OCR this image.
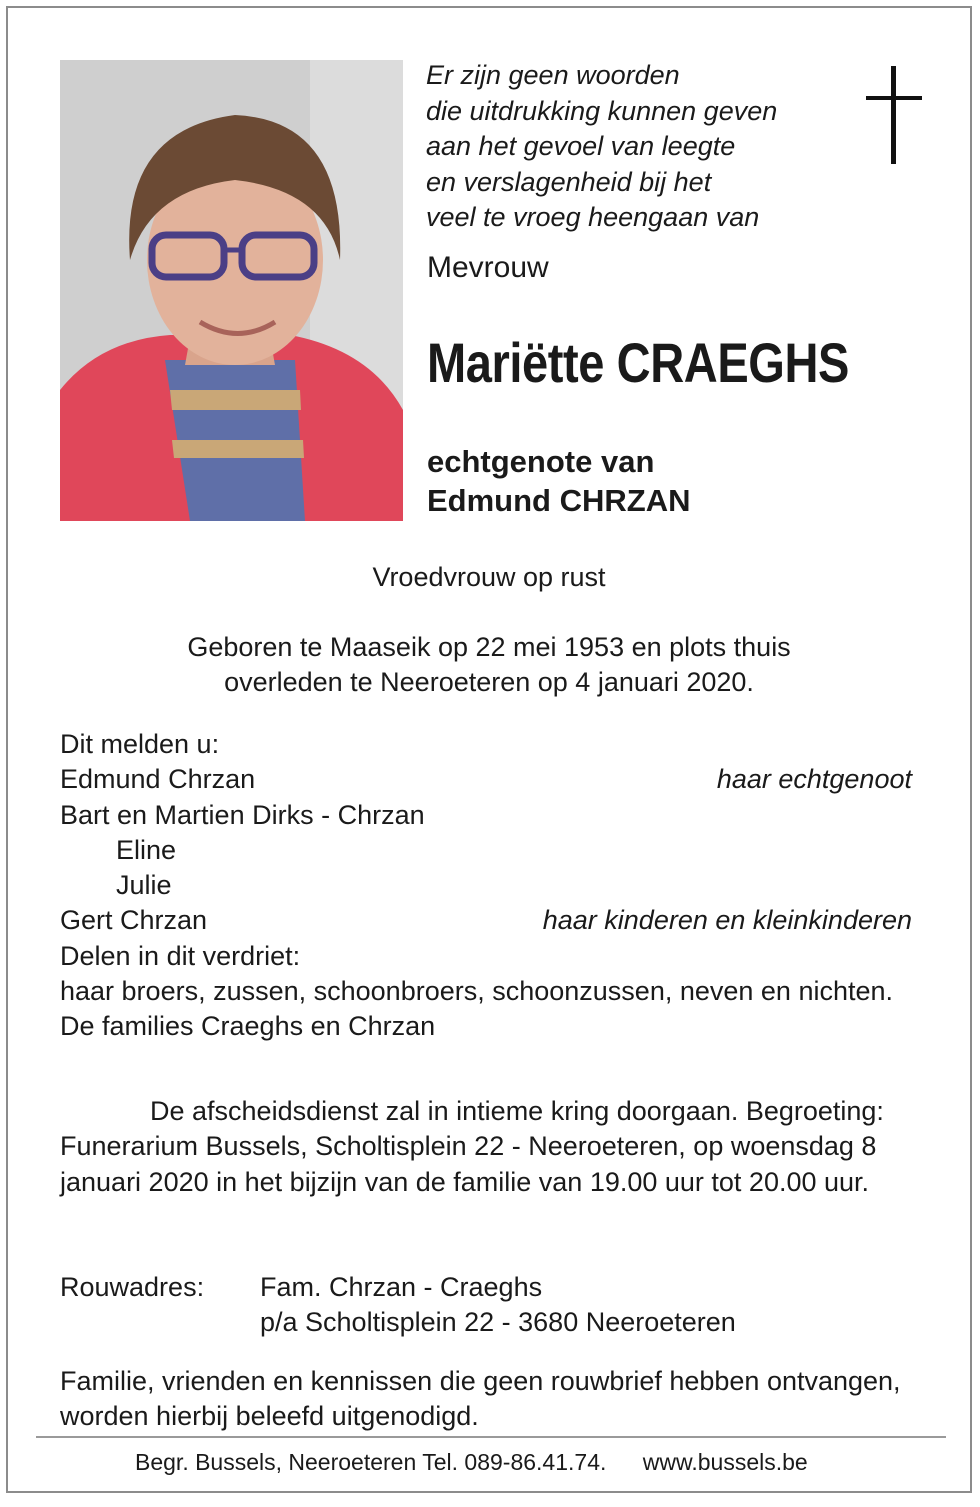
Er zijn geen woorden
die uitdrukking kunnen geven
aan het gevoel van leegte
en verslagenheid bij het
veel te vroeg heengaan van
Mevrouw
Mariëtte CRAEGHS
echtgenote van
Edmund CHRZAN
Vroedvrouw op rust
Geboren te Maaseik op 22 mei 1953 en plots thuis
overleden te Neeroeteren op 4 januari 2020.
Dit melden u:
Edmund Chrzan	haar echtgenoot
Bart en Martien Dirks - Chrzan
Eline
Julie
Gert Chrzan	haar kinderen en kleinkinderen
Delen in dit verdriet:
haar broers, zussen, schoonbroers, schoonzussen, neven en nichten.
De families Craeghs en Chrzan
De afscheidsdienst zal in intieme kring doorgaan. Begroeting: Funerarium Bussels, Scholtisplein 22 - Neeroeteren, op woensdag 8 januari 2020 in het bijzijn van de familie van 19.00 uur tot 20.00 uur.
Rouwadres: Fam. Chrzan - Craeghs
p/a Scholtisplein 22 - 3680 Neeroeteren
Familie, vrienden en kennissen die geen rouwbrief hebben ontvangen, worden hierbij beleefd uitgenodigd.
Begr. Bussels, Neeroeteren Tel. 089-86.41.74. www.bussels.be
